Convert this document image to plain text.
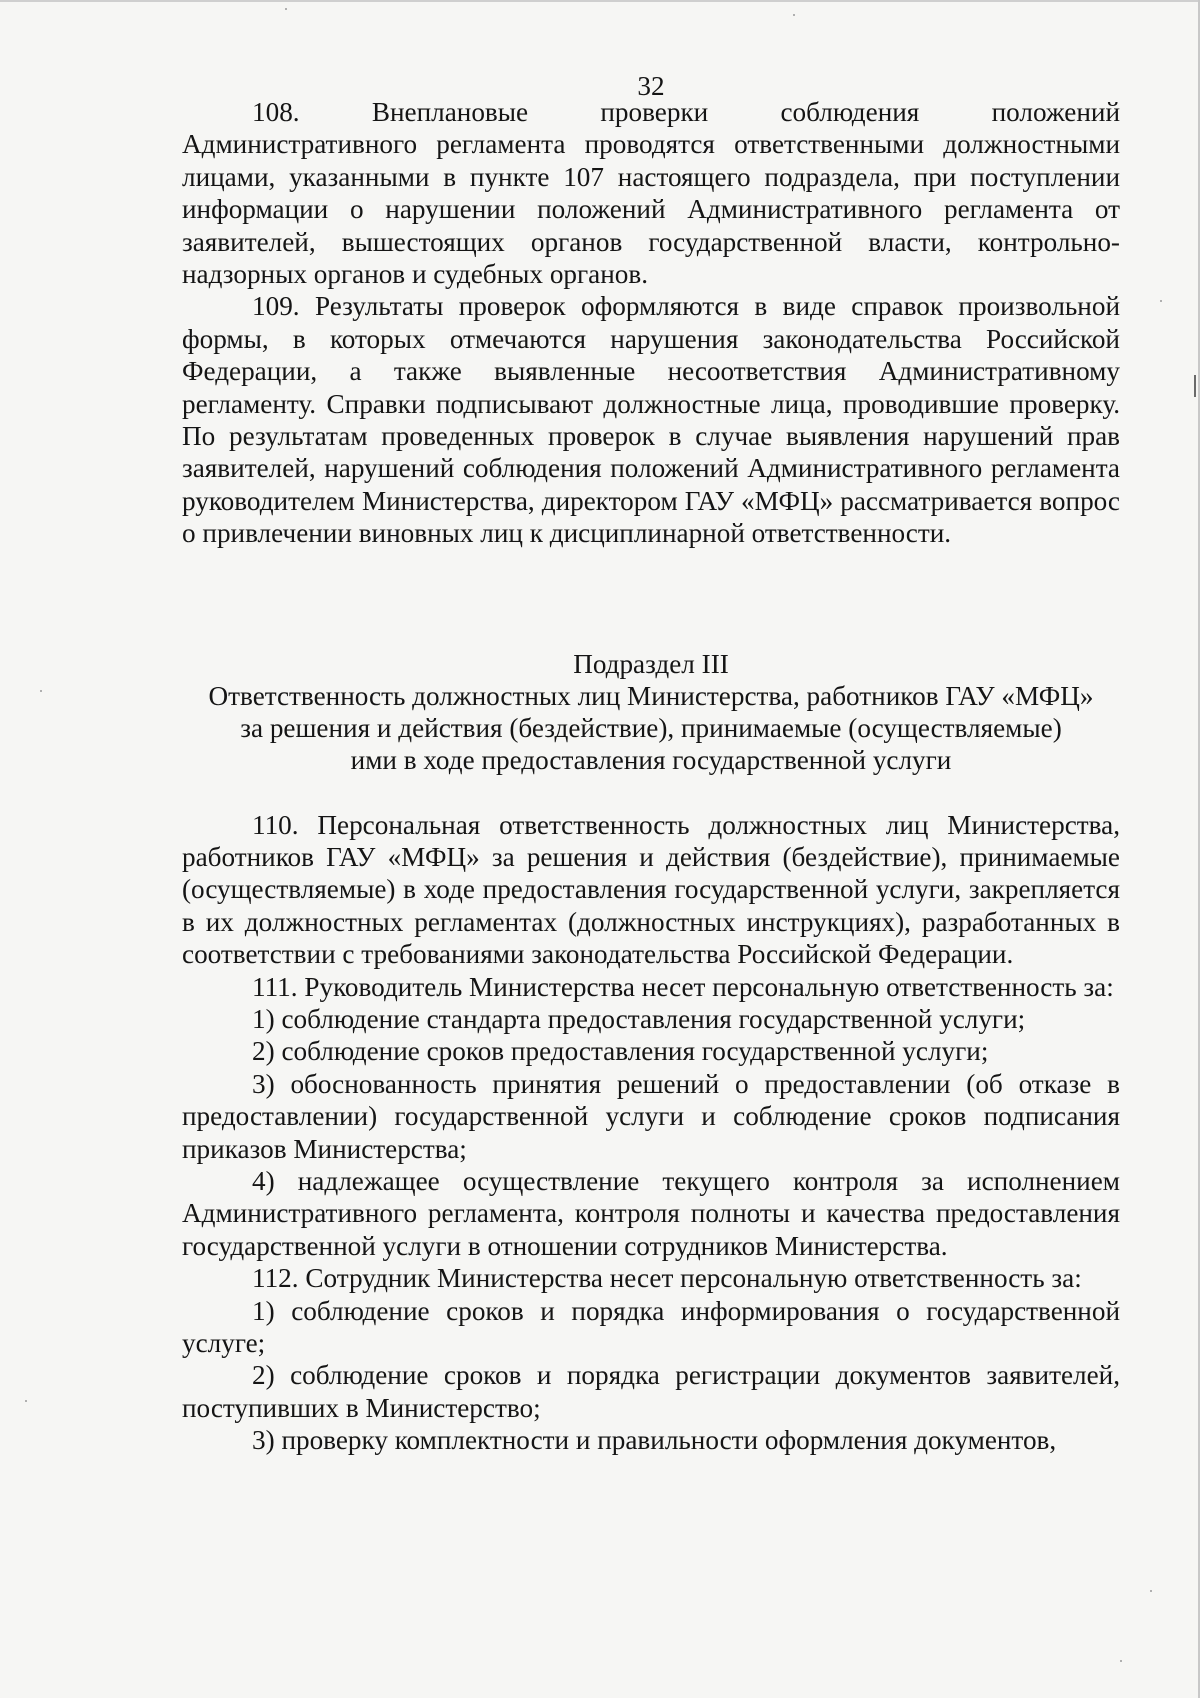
32

108. Внеплановые проверки соблюдения положений

Административного регламента проводятся ответственными должностными лицами, указанными в пункте 107 настоящего подраздела, при поступлении информации о нарушении положений Административного регламента от заявителей, вышестоящих органов государственной власти, контрольно-надзорных органов и судебных органов.

109. Результаты проверок оформляются в виде справок произвольной формы, в которых отмечаются нарушения законодательства Российской Федерации, а также выявленные несоответствия Административному регламенту. Справки подписывают должностные лица, проводившие проверку. По результатам проведенных проверок в случае выявления нарушений прав заявителей, нарушений соблюдения положений Административного регламента руководителем Министерства, директором ГАУ «МФЦ» рассматривается вопрос о привлечении виновных лиц к дисциплинарной ответственности.

Подраздел III

Ответственность должностных лиц Министерства, работников ГАУ «МФЦ»

за решения и действия (бездействие), принимаемые (осуществляемые)

ими в ходе предоставления государственной услуги

110. Персональная ответственность должностных лиц Министерства, работников ГАУ «МФЦ» за решения и действия (бездействие), принимаемые (осуществляемые) в ходе предоставления государственной услуги, закрепляется в их должностных регламентах (должностных инструкциях), разработанных в соответствии с требованиями законодательства Российской Федерации.

111. Руководитель Министерства несет персональную ответственность за:

1) соблюдение стандарта предоставления государственной услуги;

2) соблюдение сроков предоставления государственной услуги;

3) обоснованность принятия решений о предоставлении (об отказе в предоставлении) государственной услуги и соблюдение сроков подписания приказов Министерства;

4) надлежащее осуществление текущего контроля за исполнением Административного регламента, контроля полноты и качества предоставления государственной услуги в отношении сотрудников Министерства.

112. Сотрудник Министерства несет персональную ответственность за:

1) соблюдение сроков и порядка информирования о государственной услуге;

2) соблюдение сроков и порядка регистрации документов заявителей, поступивших в Министерство;

3) проверку комплектности и правильности оформления документов,
